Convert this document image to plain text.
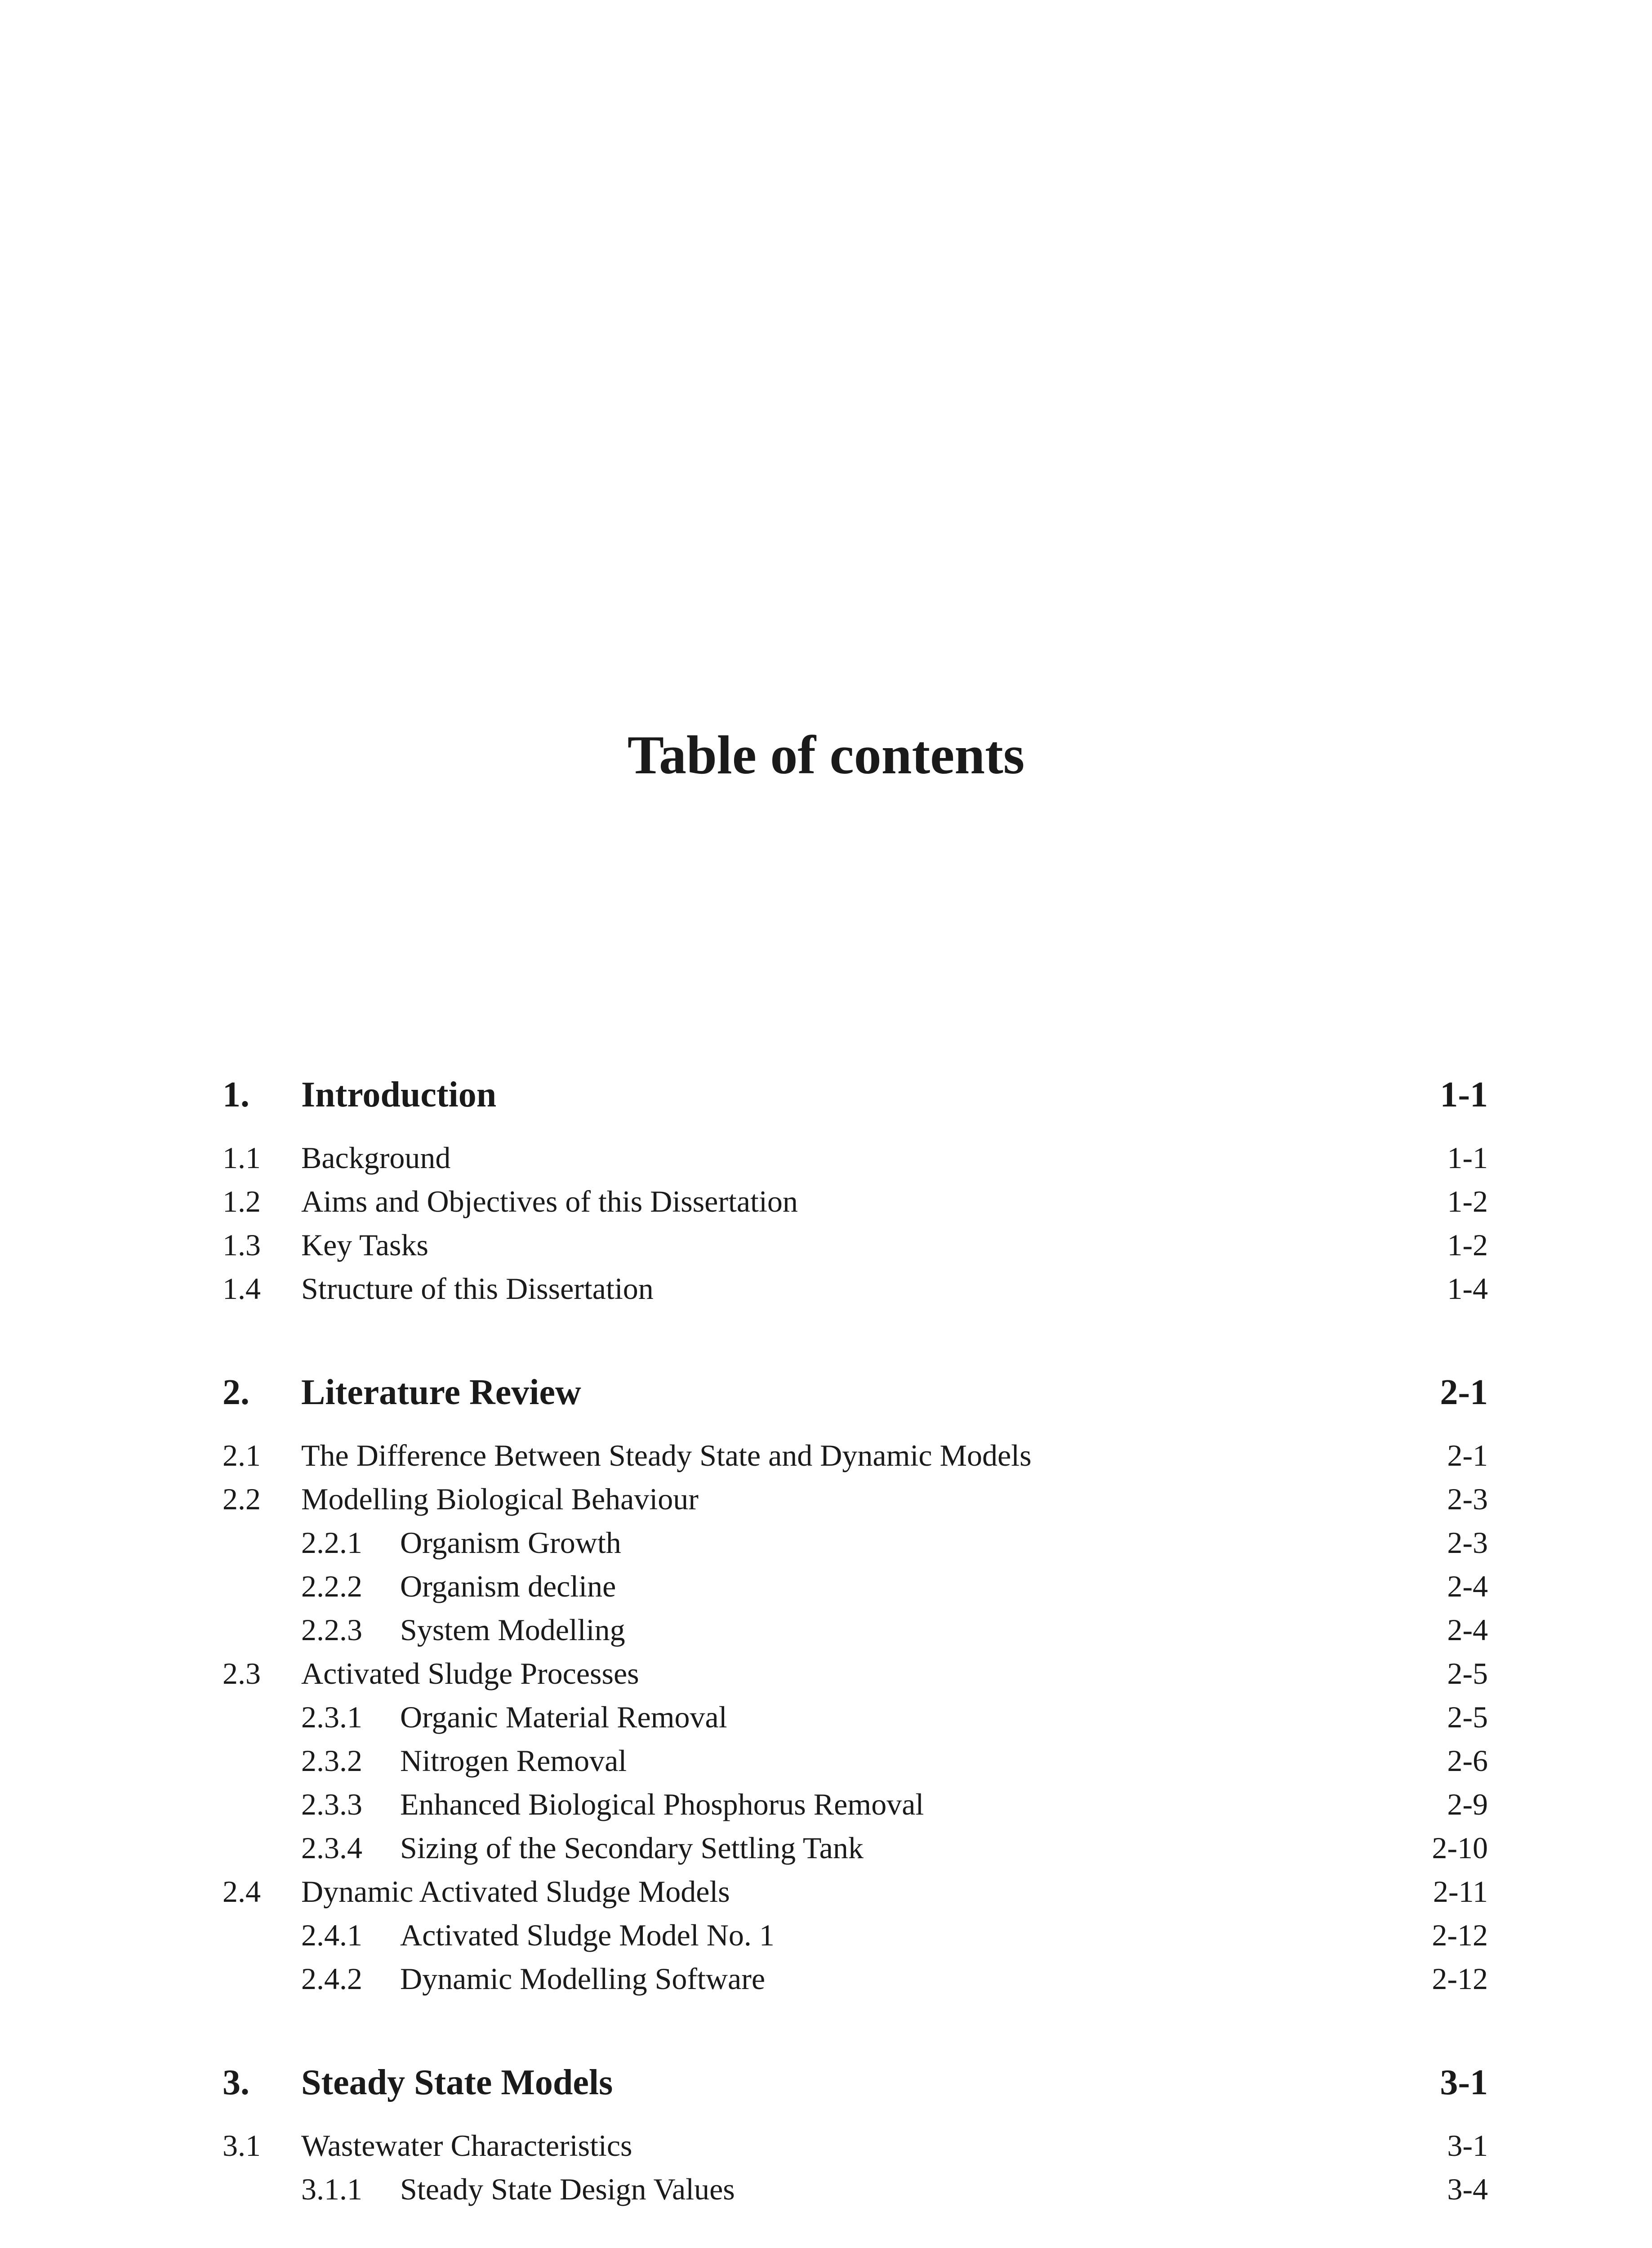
Table of contents
1. Introduction	1-1
1.1 Background	1-1
1.2 Aims and Objectives of this Dissertation	1-2
1.3 Key Tasks	1-2
1.4 Structure of this Dissertation	1-4
2. Literature Review	2-1
2.1 The Difference Between Steady State and Dynamic Models	2-1
2.2 Modelling Biological Behaviour	2-3
2.2.1 Organism Growth	2-3
2.2.2 Organism decline	2-4
2.2.3 System Modelling	2-4
2.3 Activated Sludge Processes	2-5
2.3.1 Organic Material Removal	2-5
2.3.2 Nitrogen Removal	2-6
2.3.3 Enhanced Biological Phosphorus Removal	2-9
2.3.4 Sizing of the Secondary Settling Tank	2-10
2.4 Dynamic Activated Sludge Models	2-11
2.4.1 Activated Sludge Model No. 1	2-12
2.4.2 Dynamic Modelling Software	2-12
3. Steady State Models	3-1
3.1 Wastewater Characteristics	3-1
3.1.1 Steady State Design Values	3-4
